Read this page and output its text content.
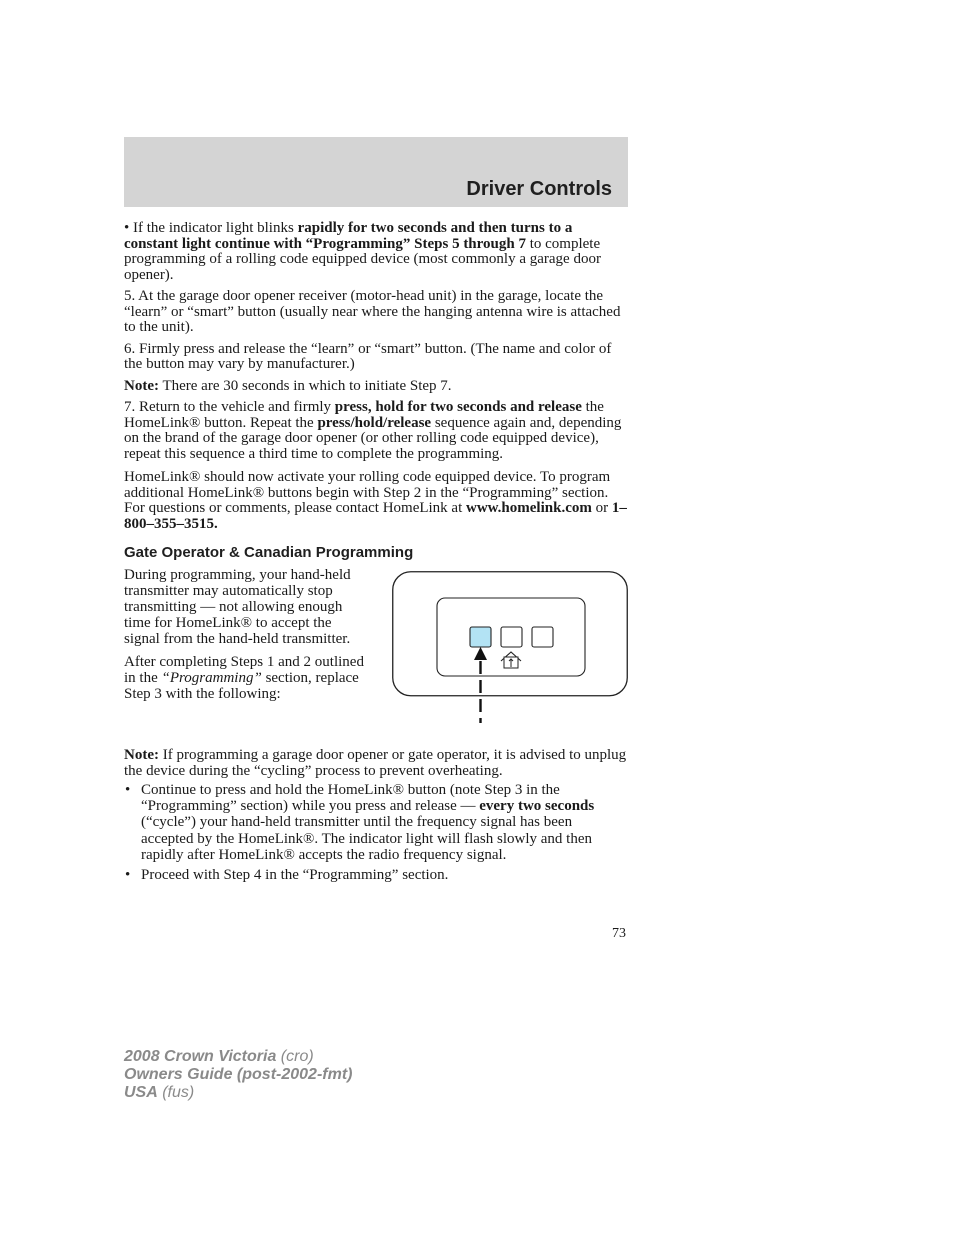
Driver Controls

• If the indicator light blinks rapidly for two seconds and then turns to a constant light continue with “Programming” Steps 5 through 7 to complete programming of a rolling code equipped device (most commonly a garage door opener).

5. At the garage door opener receiver (motor-head unit) in the garage, locate the “learn” or “smart” button (usually near where the hanging antenna wire is attached to the unit).

6. Firmly press and release the “learn” or “smart” button. (The name and color of the button may vary by manufacturer.)

Note: There are 30 seconds in which to initiate Step 7.

7. Return to the vehicle and firmly press, hold for two seconds and release the HomeLink® button. Repeat the press/hold/release sequence again and, depending on the brand of the garage door opener (or other rolling code equipped device), repeat this sequence a third time to complete the programming.

HomeLink® should now activate your rolling code equipped device. To program additional HomeLink® buttons begin with Step 2 in the “Programming” section. For questions or comments, please contact HomeLink at www.homelink.com or 1–800–355–3515.

Gate Operator & Canadian Programming

During programming, your hand-held transmitter may automatically stop transmitting — not allowing enough time for HomeLink® to accept the signal from the hand-held transmitter.

After completing Steps 1 and 2 outlined in the “Programming” section, replace Step 3 with the following:

Note: If programming a garage door opener or gate operator, it is advised to unplug the device during the “cycling” process to prevent overheating.

• Continue to press and hold the HomeLink® button (note Step 3 in the “Programming” section) while you press and release — every two seconds (“cycle”) your hand-held transmitter until the frequency signal has been accepted by the HomeLink®. The indicator light will flash slowly and then rapidly after HomeLink® accepts the radio frequency signal.
• Proceed with Step 4 in the “Programming” section.
73
2008 Crown Victoria (cro)
Owners Guide (post-2002-fmt)
USA (fus)
